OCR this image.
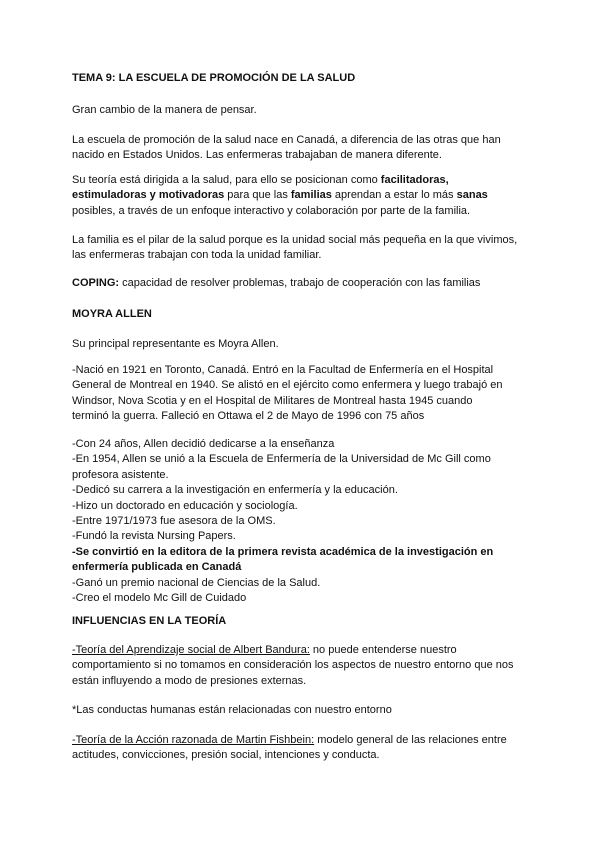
TEMA 9: LA ESCUELA DE PROMOCIÓN DE LA SALUD
Gran cambio de la manera de pensar.
La escuela de promoción de la salud nace en Canadá, a diferencia de las otras que han
nacido en Estados Unidos. Las enfermeras trabajaban de manera diferente.
Su teoría está dirigida a la salud, para ello se posicionan como facilitadoras,
estimuladoras y motivadoras para que las familias aprendan a estar lo más sanas
posibles, a través de un enfoque interactivo y colaboración por parte de la familia.
La familia es el pilar de la salud porque es la unidad social más pequeña en la que vivimos,
las enfermeras trabajan con toda la unidad familiar.
COPING: capacidad de resolver problemas, trabajo de cooperación con las familias
MOYRA ALLEN
Su principal representante es Moyra Allen.
-Nació en 1921 en Toronto, Canadá. Entró en la Facultad de Enfermería en el Hospital
General de Montreal en 1940. Se alistó en el ejército como enfermera y luego trabajó en
Windsor, Nova Scotia y en el Hospital de Militares de Montreal hasta 1945 cuando
terminó la guerra. Falleció en Ottawa el 2 de Mayo de 1996 con 75 años
-Con 24 años, Allen decidió dedicarse a la enseñanza
-En 1954, Allen se unió a la Escuela de Enfermería de la Universidad de Mc Gill como
profesora asistente.
-Dedicó su carrera a la investigación en enfermería y la educación.
-Hizo un doctorado en educación y sociología.
-Entre 1971/1973 fue asesora de la OMS.
-Fundó la revista Nursing Papers.
-Se convirtió en la editora de la primera revista académica de la investigación en
enfermería publicada en Canadá
-Ganó un premio nacional de Ciencias de la Salud.
-Creo el modelo Mc Gill de Cuidado
INFLUENCIAS EN LA TEORÍA
-Teoría del Aprendizaje social de Albert Bandura: no puede entenderse nuestro
comportamiento si no tomamos en consideración los aspectos de nuestro entorno que nos
están influyendo a modo de presiones externas.
*Las conductas humanas están relacionadas con nuestro entorno
-Teoría de la Acción razonada de Martin Fishbein: modelo general de las relaciones entre
actitudes, convicciones, presión social, intenciones y conducta.
